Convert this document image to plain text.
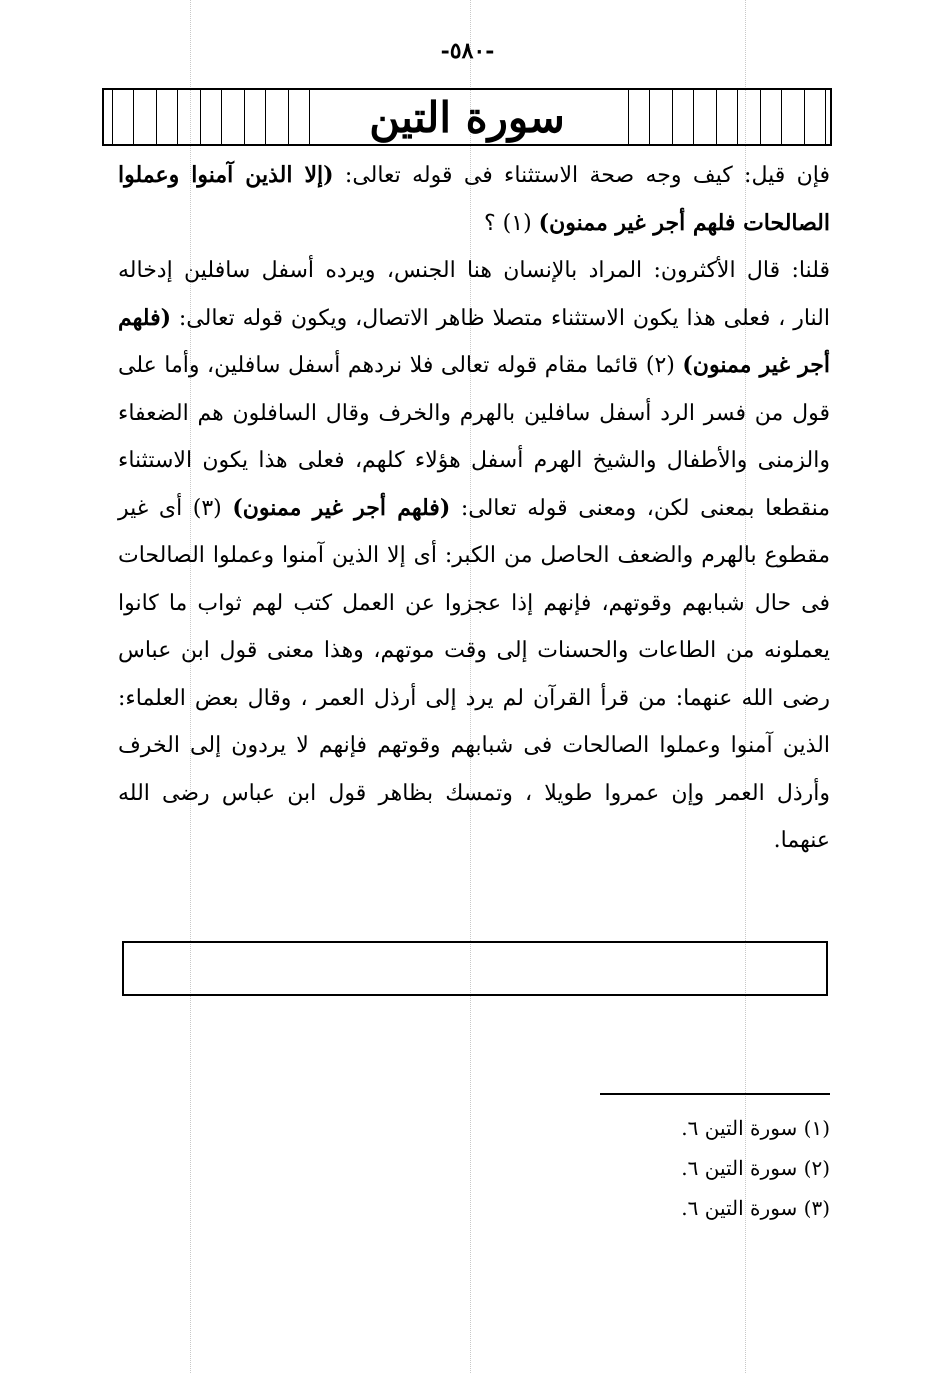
-٥٨٠-
سورة التين

فإن قيل: كيف وجه صحة الاستثناء فى قوله تعالى: (إلا الذين آمنوا وعملوا الصالحات فلهم أجر غير ممنون) (١) ؟

قلنا: قال الأكثرون: المراد بالإنسان هنا الجنس، ويرده أسفل سافلين إدخاله النار ، فعلى هذا يكون الاستثناء متصلا ظاهر الاتصال، ويكون قوله تعالى: (فلهم أجر غير ممنون) (٢) قائما مقام قوله تعالى فلا نردهم أسفل سافلين، وأما على قول من فسر الرد أسفل سافلين بالهرم والخرف وقال السافلون هم الضعفاء والزمنى والأطفال والشيخ الهرم أسفل هؤلاء كلهم، فعلى هذا يكون الاستثناء منقطعا بمعنى لكن، ومعنى قوله تعالى: (فلهم أجر غير ممنون) (٣) أى غير مقطوع بالهرم والضعف الحاصل من الكبر: أى إلا الذين آمنوا وعملوا الصالحات فى حال شبابهم وقوتهم، فإنهم إذا عجزوا عن العمل كتب لهم ثواب ما كانوا يعملونه من الطاعات والحسنات إلى وقت موتهم، وهذا معنى قول ابن عباس رضى الله عنهما: من قرأ القرآن لم يرد إلى أرذل العمر ، وقال بعض العلماء: الذين آمنوا وعملوا الصالحات فى شبابهم وقوتهم فإنهم لا يردون إلى الخرف وأرذل العمر وإن عمروا طويلا ، وتمسك بظاهر قول ابن عباس رضى الله عنهما.

(١) سورة التين ٦.
(٢) سورة التين ٦.
(٣) سورة التين ٦.
